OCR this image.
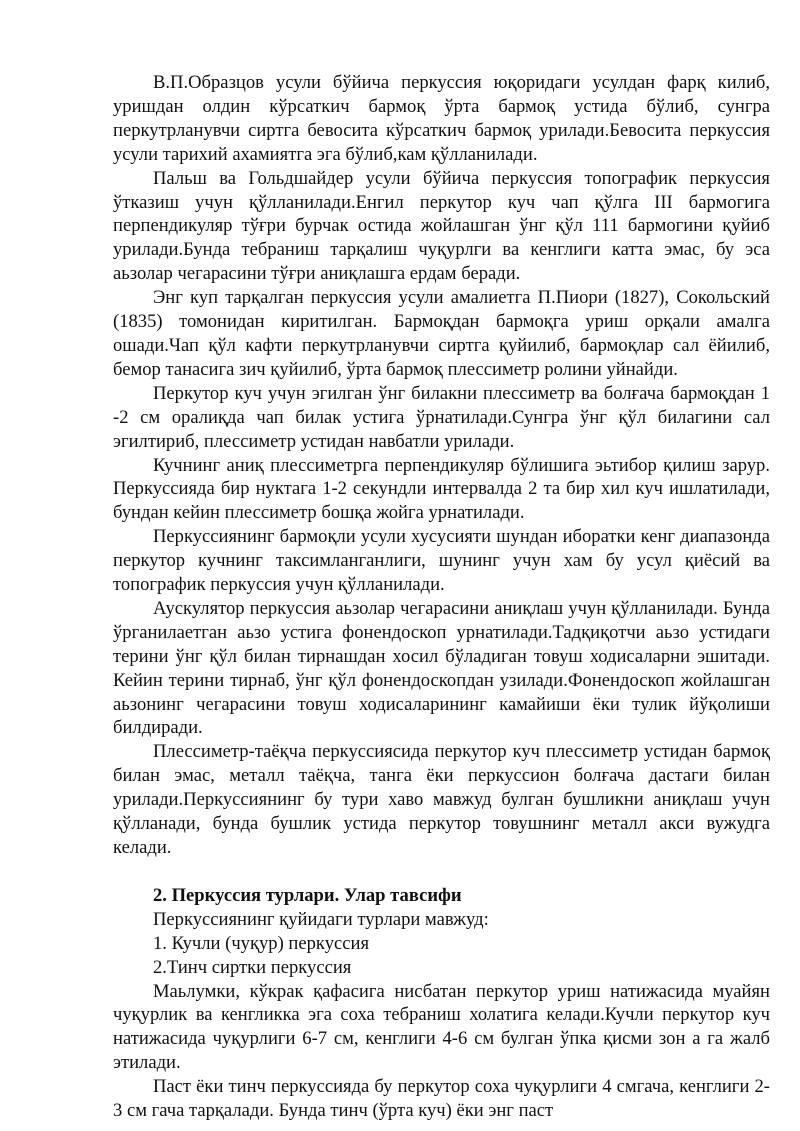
В.П.Образцов усули бўйича перкуссия юқоридаги усулдан фарқ килиб, уришдан олдин кўрсаткич бармоқ ўрта бармоқ устида бўлиб, сунгра перкутрланувчи сиртга бевосита кўрсаткич бармоқ урилади.Бевосита перкуссия усули тарихий ахамиятга эга бўлиб,кам қўлланилади.

Пальш ва Гольдшайдер усули бўйича перкуссия топографик перкуссия ўтказиш учун қўлланилади.Енгил перкутор куч чап қўлга III бармогига перпендикуляр тўғри бурчак остида жойлашган ўнг қўл 111 бармогини қуйиб урилади.Бунда тебраниш тарқалиш чуқурлги ва кенглиги катта эмас, бу эса аьзолар чегарасини тўғри аниқлашга ердам беради.

Энг куп тарқалган перкуссия усули амалиетга П.Пиори (1827), Сокольский (1835) томонидан киритилган. Бармоқдан бармоқга уриш орқали амалга ошади.Чап қўл кафти перкутрланувчи сиртга қуйилиб, бармоқлар сал ёйилиб, бемор танасига зич қуйилиб, ўрта бармоқ плессиметр ролини уйнайди.

Перкутор куч учун эгилган ўнг билакни плессиметр ва болғача бармоқдан 1 -2 см оралиқда чап билак устига ўрнатилади.Сунгра ўнг қўл билагини сал эгилтириб, плессиметр устидан навбатли урилади.

Кучнинг аниқ плессиметрга перпендикуляр бўлишига эьтибор қилиш зарур. Перкуссияда бир нуктага 1-2 секундли интервалда 2 та бир хил куч ишлатилади, бундан кейин плессиметр бошқа жойга урнатилади.

Перкуссиянинг бармоқли усули хусусияти шундан иборатки кенг диапазонда перкутор кучнинг таксимланганлиги, шунинг учун хам бу усул қиёсий ва топографик перкуссия учун қўлланилади.

Аускулятор перкуссия аьзолар чегарасини аниқлаш учун қўлланилади. Бунда ўрганилаетган аьзо устига фонендоскоп урнатилади.Тадқиқотчи аьзо устидаги терини ўнг қўл билан тирнашдан хосил бўладиган товуш ходисаларни эшитади. Кейин терини тирнаб, ўнг қўл фонендоскопдан узилади.Фонендоскоп жойлашган аьзонинг чегарасини товуш ходисаларининг камайиши ёки тулик йўқолиши билдиради.

Плессиметр-таёқча перкуссиясида перкутор куч плессиметр устидан бармоқ билан эмас, металл таёқча, танга ёки перкуссион болғача дастаги билан урилади.Перкуссиянинг бу тури хаво мавжуд булган бушликни аниқлаш учун қўлланади, бунда бушлик устида перкутор товушнинг металл акси вужудга келади.

2. Перкуссия турлари. Улар тавсифи

Перкуссиянинг қуйидаги турлари мавжуд:

1. Кучли (чуқур) перкуссия

2.Тинч сиртки перкуссия

Маьлумки, кўкрак қафасига нисбатан перкутор уриш натижасида муайян чуқурлик ва кенгликка эга соха тебраниш холатига келади.Кучли перкутор куч натижасида чуқурлиги 6-7 см, кенглиги 4-6 см булган ўпка қисми зон а га жалб этилади.

Паст ёки тинч перкуссияда бу перкутор соха чуқурлиги 4 смгача, кенглиги 2-3 см гача тарқалади. Бунда тинч (ўрта куч) ёки энг паст
